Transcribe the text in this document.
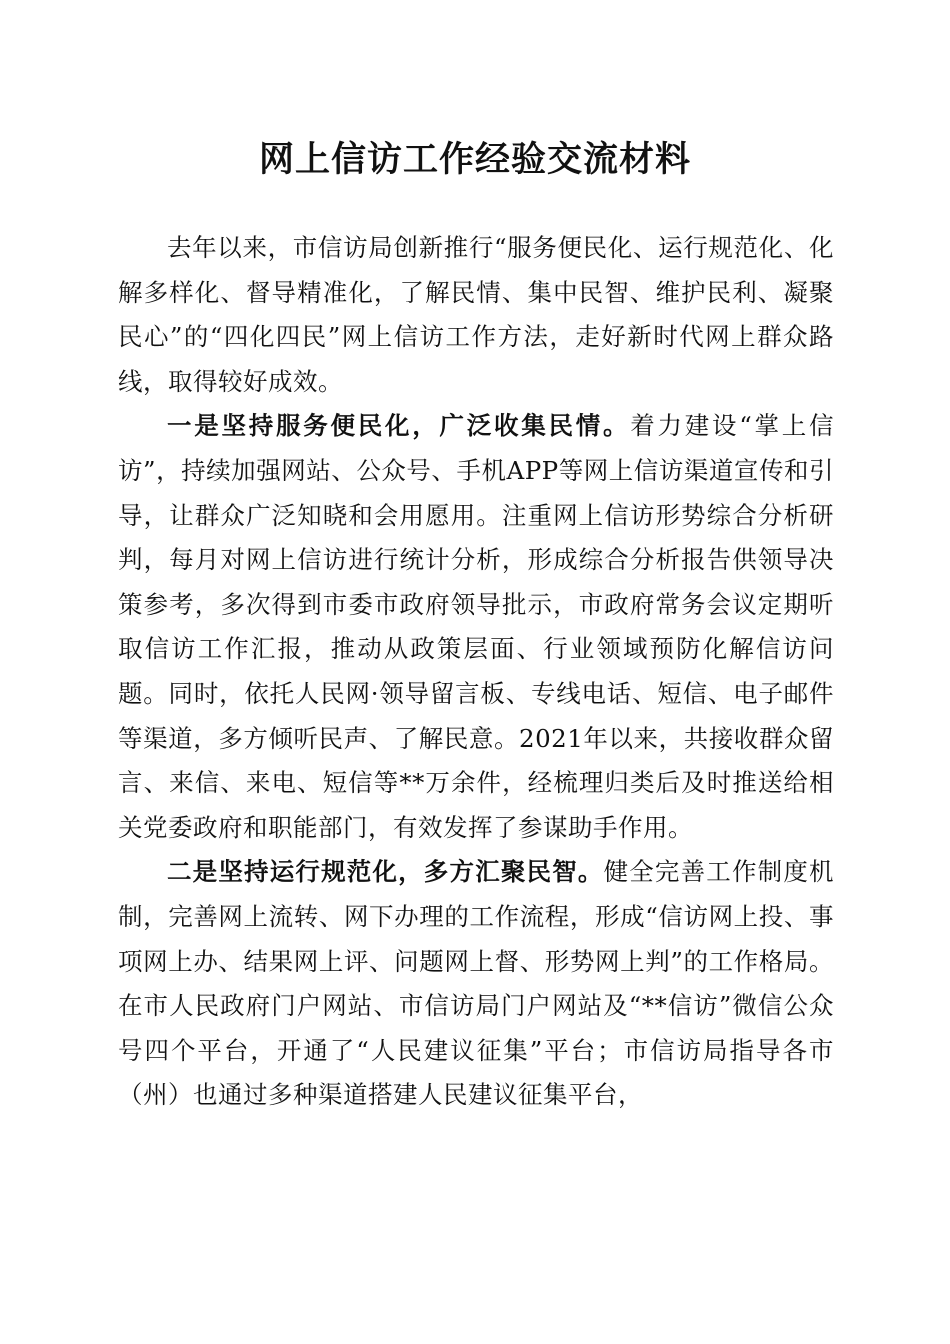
网上信访工作经验交流材料

去年以来，市信访局创新推行“服务便民化、运行规范化、化解多样化、督导精准化，了解民情、集中民智、维护民利、凝聚民心”的“四化四民”网上信访工作方法，走好新时代网上群众路线，取得较好成效。

一是坚持服务便民化，广泛收集民情。着力建设“掌上信访”，持续加强网站、公众号、手机APP等网上信访渠道宣传和引导，让群众广泛知晓和会用愿用。注重网上信访形势综合分析研判，每月对网上信访进行统计分析，形成综合分析报告供领导决策参考，多次得到市委市政府领导批示，市政府常务会议定期听取信访工作汇报，推动从政策层面、行业领域预防化解信访问题。同时，依托人民网·领导留言板、专线电话、短信、电子邮件等渠道，多方倾听民声、了解民意。2021年以来，共接收群众留言、来信、来电、短信等**万余件，经梳理归类后及时推送给相关党委政府和职能部门，有效发挥了参谋助手作用。

二是坚持运行规范化，多方汇聚民智。健全完善工作制度机制，完善网上流转、网下办理的工作流程，形成“信访网上投、事项网上办、结果网上评、问题网上督、形势网上判”的工作格局。在市人民政府门户网站、市信访局门户网站及“**信访”微信公众号四个平台，开通了“人民建议征集”平台；市信访局指导各市（州）也通过多种渠道搭建人民建议征集平台，
